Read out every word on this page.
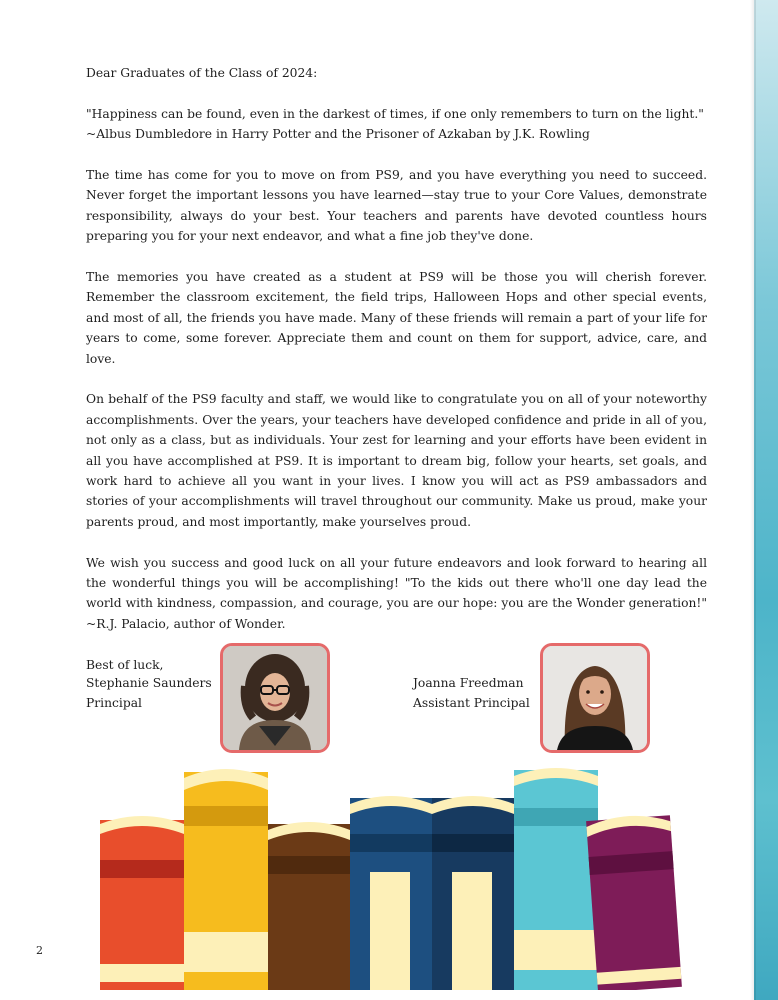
Dear Graduates of the Class of 2024:

"Happiness can be found, even in the darkest of times, if one only remembers to turn on the light."
~Albus Dumbledore in Harry Potter and the Prisoner of Azkaban by J.K. Rowling

The time has come for you to move on from PS9, and you have everything you need to succeed. Never forget the important lessons you have learned—stay true to your Core Values, demonstrate responsibility, always do your best. Your teachers and parents have devoted countless hours preparing you for your next endeavor, and what a fine job they've done.

The memories you have created as a student at PS9 will be those you will cherish forever. Remember the classroom excitement, the field trips, Halloween Hops and other special events, and most of all, the friends you have made. Many of these friends will remain a part of your life for years to come, some forever. Appreciate them and count on them for support, advice, care, and love.

On behalf of the PS9 faculty and staff, we would like to congratulate you on all of your noteworthy accomplishments. Over the years, your teachers have developed confidence and pride in all of you, not only as a class, but as individuals. Your zest for learning and your efforts have been evident in all you have accomplished at PS9. It is important to dream big, follow your hearts, set goals, and work hard to achieve all you want in your lives. I know you will act as PS9 ambassadors and stories of your accomplishments will travel throughout our community. Make us proud, make your parents proud, and most importantly, make yourselves proud.

We wish you success and good luck on all your future endeavors and look forward to hearing all the wonderful things you will be accomplishing! "To the kids out there who'll one day lead the world with kindness, compassion, and courage, you are our hope: you are the Wonder generation!" ~R.J. Palacio, author of Wonder.

Best of luck,

Stephanie Saunders
Principal
Joanna Freedman
Assistant Principal
2
